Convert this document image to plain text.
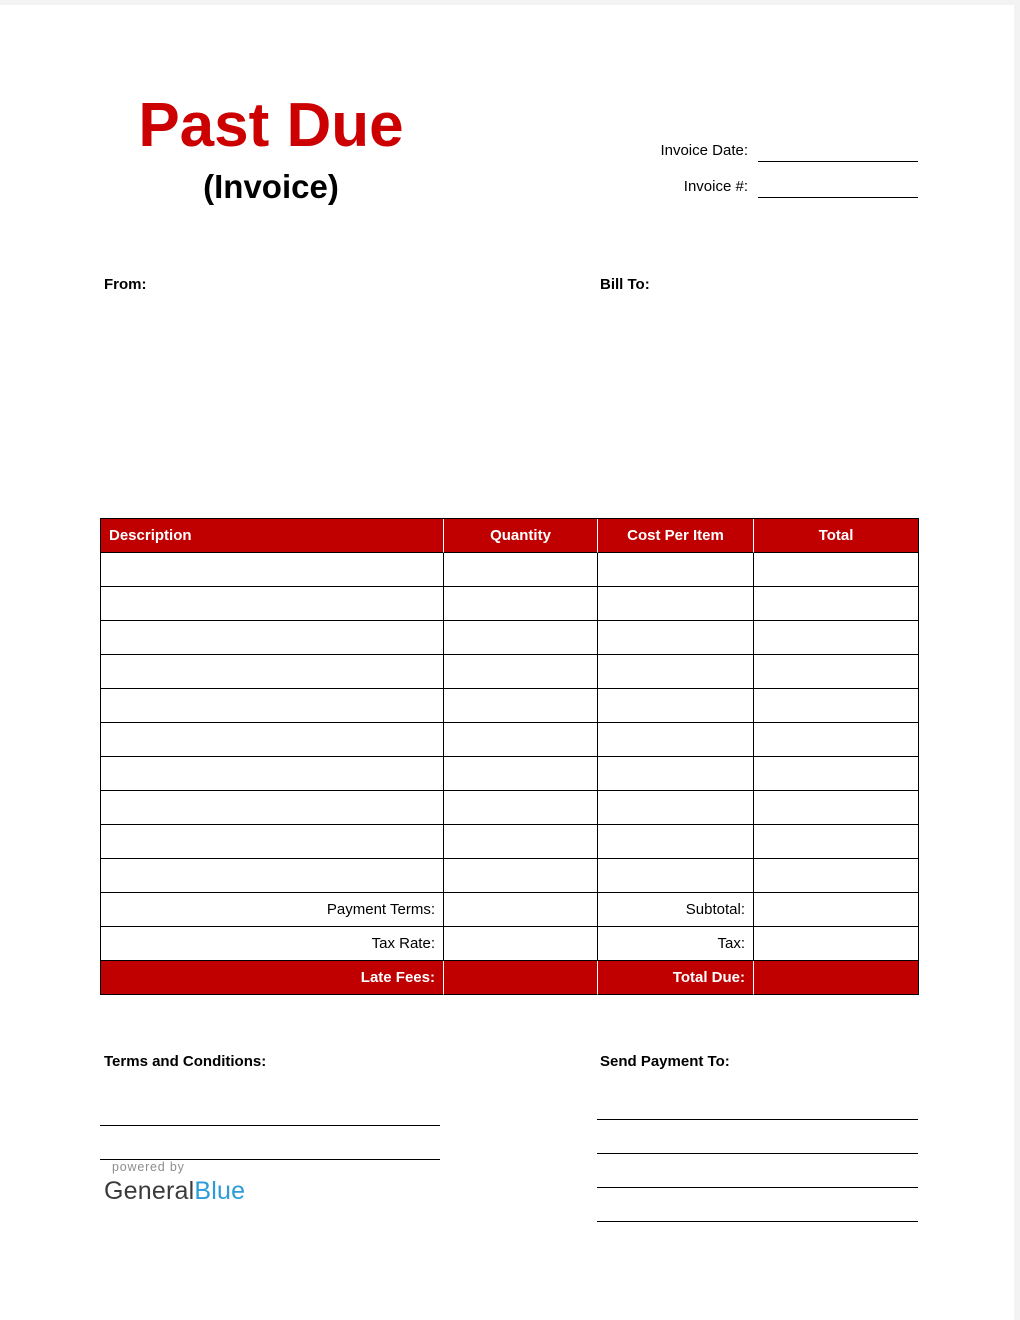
Past Due
(Invoice)
Invoice Date:
Invoice #:
From:	Bill To:
Description	Quantity	Cost Per Item	Total

Payment Terms:		Subtotal:	
Tax Rate:		Tax:	
Late Fees:		Total Due:	
Terms and Conditions:	Send Payment To:
powered by
GeneralBlue
